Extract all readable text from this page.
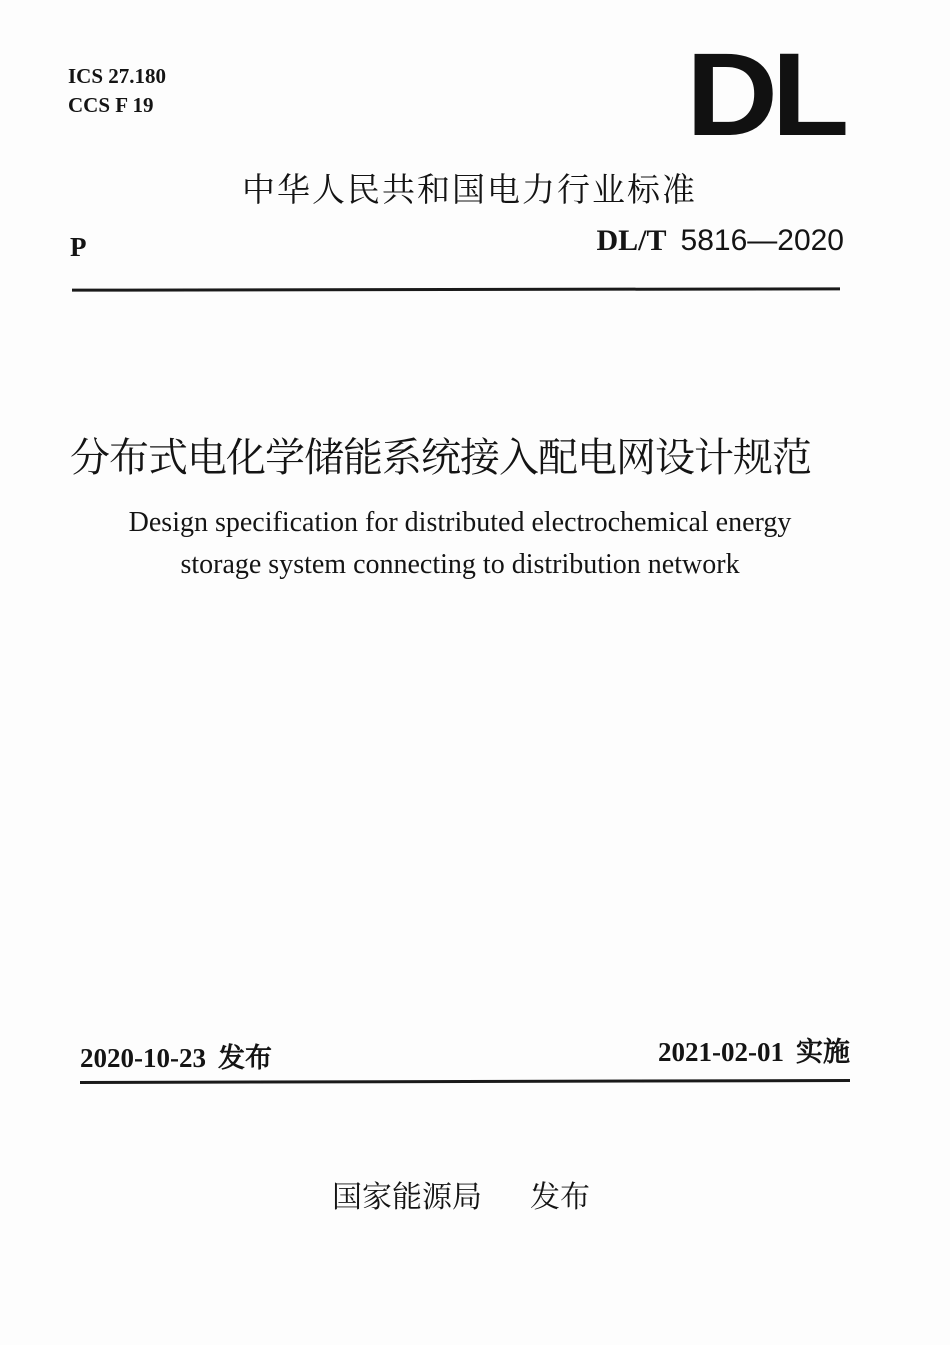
ICS 27.180
CCS F 19	DL
中华人民共和国电力行业标准
P	DL/T 5816—2020
分布式电化学储能系统接入配电网设计规范
Design specification for distributed electrochemical energy
storage system connecting to distribution network
2020-10-23 发布	2021-02-01 实施
国家能源局 发布
